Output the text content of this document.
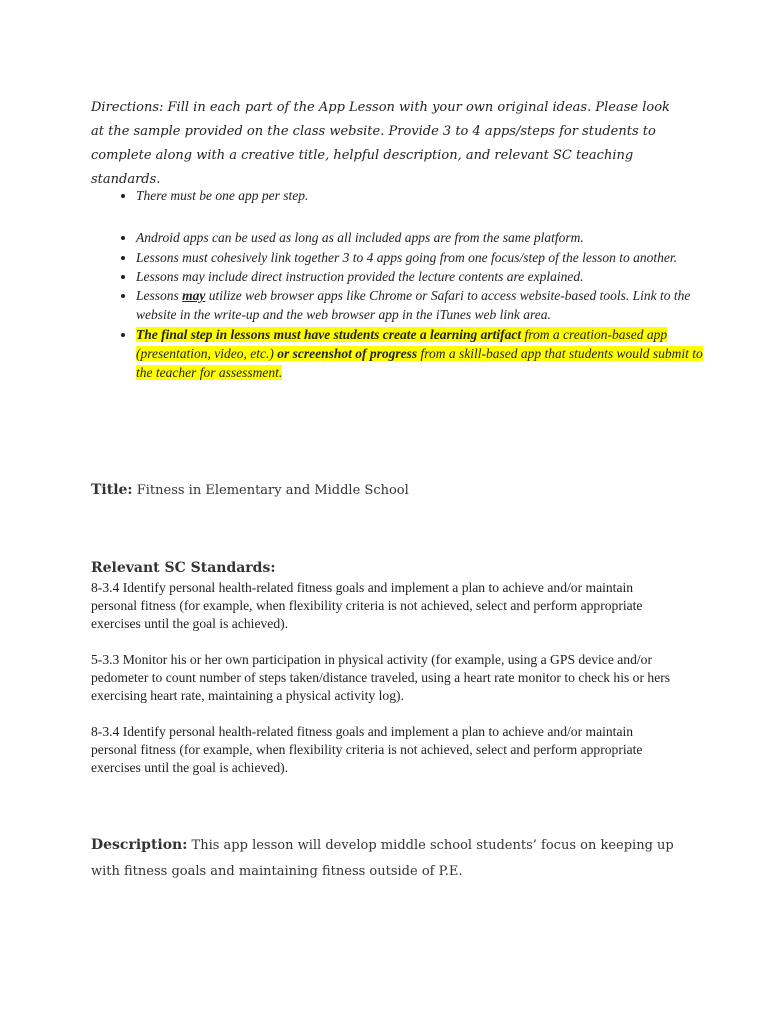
Directions: Fill in each part of the App Lesson with your own original ideas. Please look at the sample provided on the class website. Provide 3 to 4 apps/steps for students to complete along with a creative title, helpful description, and relevant SC teaching standards.
• There must be one app per step.
• Android apps can be used as long as all included apps are from the same platform.
• Lessons must cohesively link together 3 to 4 apps going from one focus/step of the lesson to another.
• Lessons may include direct instruction provided the lecture contents are explained.
• Lessons may utilize web browser apps like Chrome or Safari to access website-based tools. Link to the website in the write-up and the web browser app in the iTunes web link area.
• The final step in lessons must have students create a learning artifact from a creation-based app (presentation, video, etc.) or screenshot of progress from a skill-based app that students would submit to the teacher for assessment.
Title: Fitness in Elementary and Middle School
Relevant SC Standards:

8-3.4 Identify personal health-related fitness goals and implement a plan to achieve and/or maintain personal fitness (for example, when flexibility criteria is not achieved, select and perform appropriate exercises until the goal is achieved).

5-3.3 Monitor his or her own participation in physical activity (for example, using a GPS device and/or pedometer to count number of steps taken/distance traveled, using a heart rate monitor to check his or hers exercising heart rate, maintaining a physical activity log).

8-3.4 Identify personal health-related fitness goals and implement a plan to achieve and/or maintain personal fitness (for example, when flexibility criteria is not achieved, select and perform appropriate exercises until the goal is achieved).

Description: This app lesson will develop middle school students’ focus on keeping up with fitness goals and maintaining fitness outside of P.E.
